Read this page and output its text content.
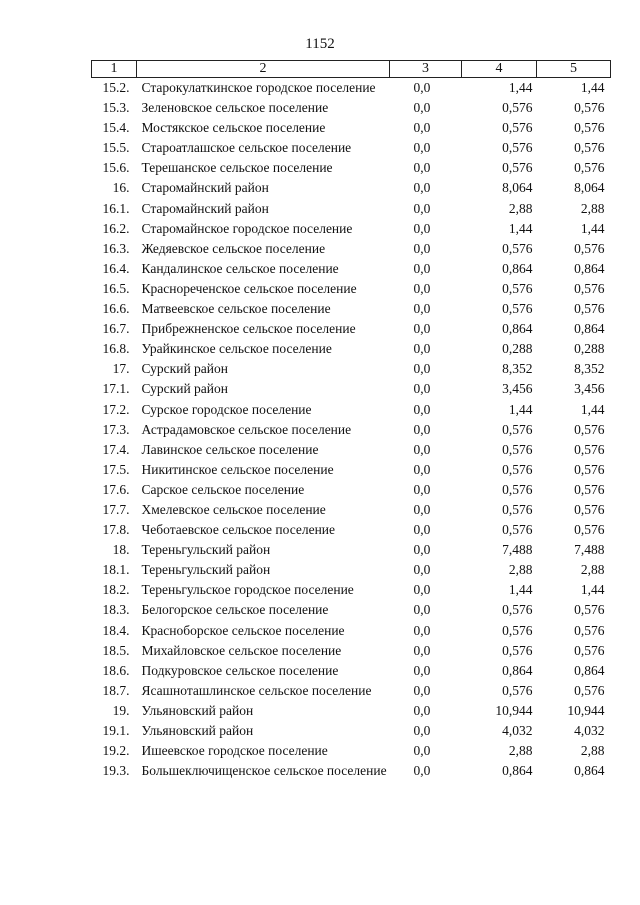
1152
1	2	3	4	5
15.2.	Старокулаткинское городское поселение	0,0	1,44	1,44
15.3.	Зеленовское сельское поселение	0,0	0,576	0,576
15.4.	Мостякское сельское поселение	0,0	0,576	0,576
15.5.	Староатлашское сельское поселение	0,0	0,576	0,576
15.6.	Терешанское сельское поселение	0,0	0,576	0,576
16.	Старомайнский район	0,0	8,064	8,064
16.1.	Старомайнский район	0,0	2,88	2,88
16.2.	Старомайнское городское поселение	0,0	1,44	1,44
16.3.	Жедяевское сельское поселение	0,0	0,576	0,576
16.4.	Кандалинское сельское поселение	0,0	0,864	0,864
16.5.	Краснореченское сельское поселение	0,0	0,576	0,576
16.6.	Матвеевское сельское поселение	0,0	0,576	0,576
16.7.	Прибрежненское сельское поселение	0,0	0,864	0,864
16.8.	Урайкинское сельское поселение	0,0	0,288	0,288
17.	Сурский район	0,0	8,352	8,352
17.1.	Сурский район	0,0	3,456	3,456
17.2.	Сурское городское поселение	0,0	1,44	1,44
17.3.	Астрадамовское сельское поселение	0,0	0,576	0,576
17.4.	Лавинское сельское поселение	0,0	0,576	0,576
17.5.	Никитинское сельское поселение	0,0	0,576	0,576
17.6.	Сарское сельское поселение	0,0	0,576	0,576
17.7.	Хмелевское сельское поселение	0,0	0,576	0,576
17.8.	Чеботаевское сельское поселение	0,0	0,576	0,576
18.	Тереньгульский район	0,0	7,488	7,488
18.1.	Тереньгульский район	0,0	2,88	2,88
18.2.	Тереньгульское городское поселение	0,0	1,44	1,44
18.3.	Белогорское сельское поселение	0,0	0,576	0,576
18.4.	Красноборское сельское поселение	0,0	0,576	0,576
18.5.	Михайловское сельское поселение	0,0	0,576	0,576
18.6.	Подкуровское сельское поселение	0,0	0,864	0,864
18.7.	Ясашноташлинское сельское поселение	0,0	0,576	0,576
19.	Ульяновский район	0,0	10,944	10,944
19.1.	Ульяновский район	0,0	4,032	4,032
19.2.	Ишеевское городское поселение	0,0	2,88	2,88
19.3.	Большеключищенское сельское поселение	0,0	0,864	0,864
